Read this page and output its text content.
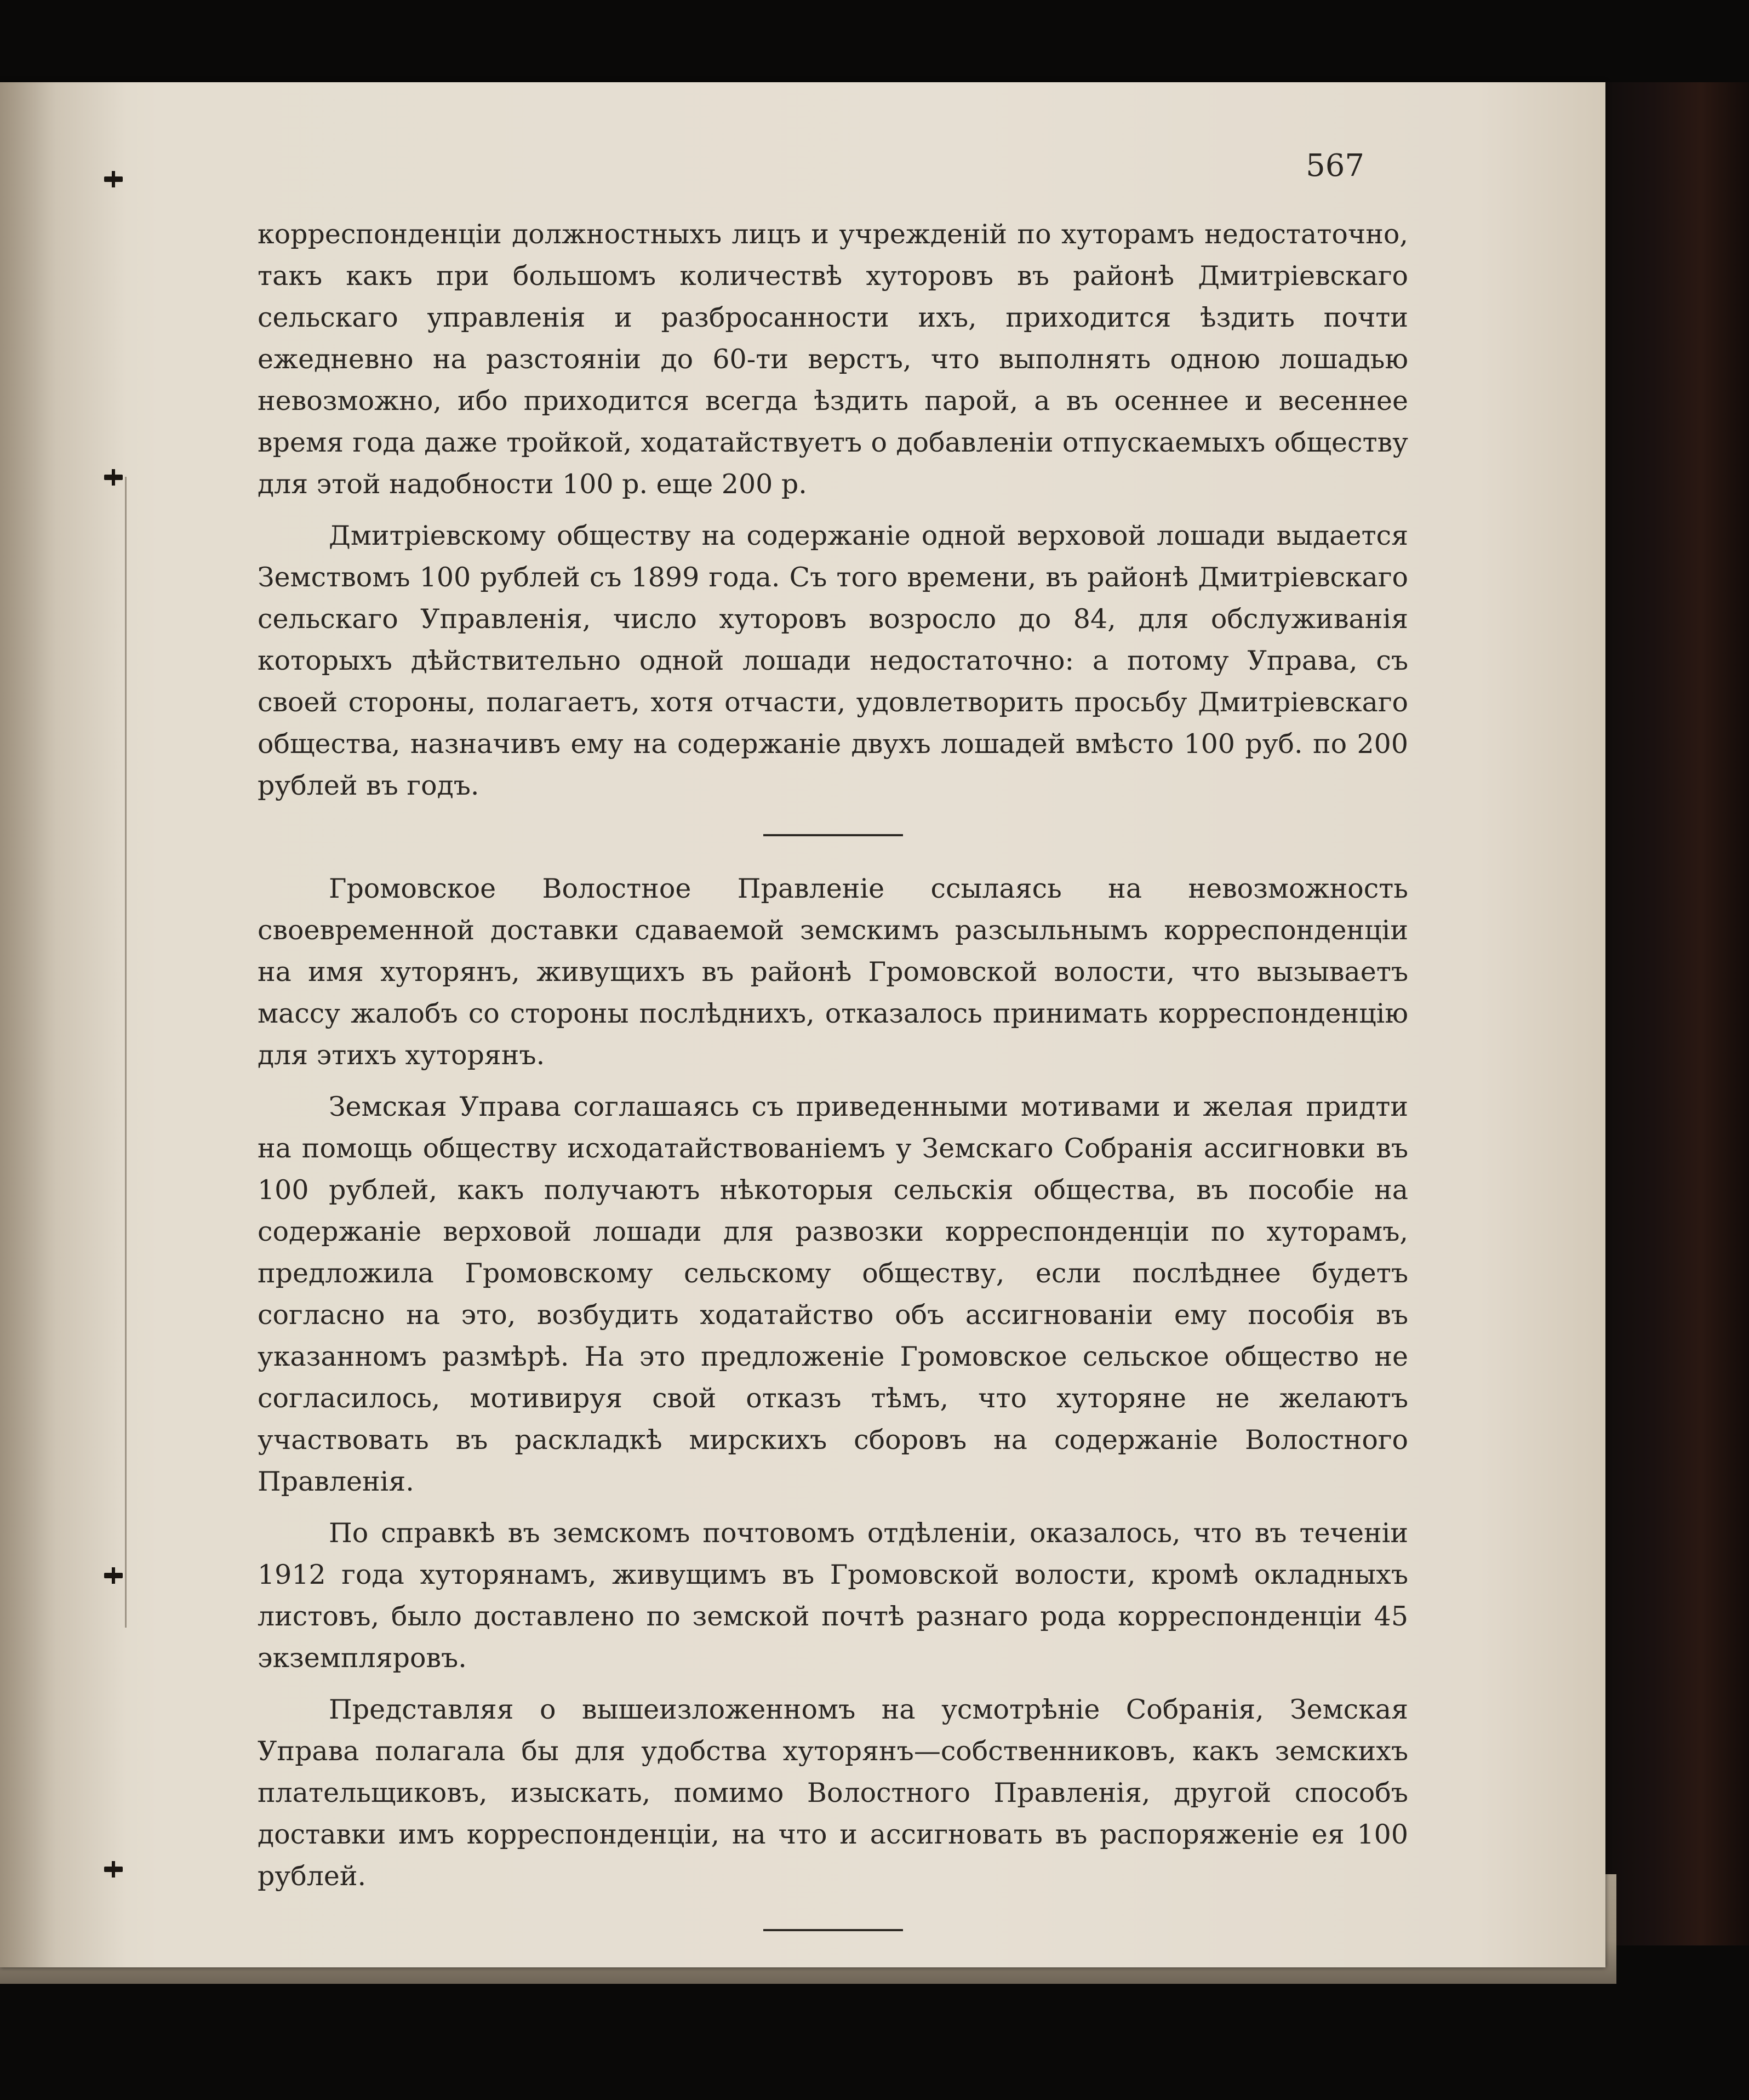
567

корреспонденціи должностныхъ лицъ и учрежденій по хуторамъ недостаточно, такъ какъ при большомъ количествѣ хуторовъ въ районѣ Дмитріевскаго сельскаго управленія и разбросанности ихъ, приходится ѣздить почти ежедневно на разстояніи до 60-ти верстъ, что выполнять одною лошадью невозможно, ибо приходится всегда ѣздить парой, а въ осеннее и весеннее время года даже тройкой, ходатайствуетъ о добавленіи отпускаемыхъ обществу для этой надобности 100 р. еще 200 р.

Дмитріевскому обществу на содержаніе одной верховой лошади выдается Земствомъ 100 рублей съ 1899 года. Съ того времени, въ районѣ Дмитріевскаго сельскаго Управленія, число хуторовъ возросло до 84, для обслуживанія которыхъ дѣйствительно одной лошади недостаточно: а потому Управа, съ своей стороны, полагаетъ, хотя отчасти, удовлетворить просьбу Дмитріевскаго общества, назначивъ ему на содержаніе двухъ лошадей вмѣсто 100 руб. по 200 рублей въ годъ.

Громовское Волостное Правленіе ссылаясь на невозможность своевременной доставки сдаваемой земскимъ разсыльнымъ корреспонденціи на имя хуторянъ, живущихъ въ районѣ Громовской волости, что вызываетъ массу жалобъ со стороны послѣднихъ, отказалось принимать корреспонденцію для этихъ хуторянъ.

Земская Управа соглашаясь съ приведенными мотивами и желая придти на помощь обществу исходатайствованіемъ у Земскаго Собранія ассигновки въ 100 рублей, какъ получаютъ нѣкоторыя сельскія общества, въ пособіе на содержаніе верховой лошади для развозки корреспонденціи по хуторамъ, предложила Громовскому сельскому обществу, если послѣднее будетъ согласно на это, возбудить ходатайство объ ассигнованіи ему пособія въ указанномъ размѣрѣ. На это предложеніе Громовское сельское общество не согласилось, мотивируя свой отказъ тѣмъ, что хуторяне не желаютъ участвовать въ раскладкѣ мирскихъ сборовъ на содержаніе Волостного Правленія.

По справкѣ въ земскомъ почтовомъ отдѣленіи, оказалось, что въ теченіи 1912 года хуторянамъ, живущимъ въ Громовской волости, кромѣ окладныхъ листовъ, было доставлено по земской почтѣ разнаго рода корреспонденціи 45 экземпляровъ.

Представляя о вышеизложенномъ на усмотрѣніе Собранія, Земская Управа полагала бы для удобства хуторянъ—собственниковъ, какъ земскихъ плательщиковъ, изыскать, помимо Волостного Правленія, другой способъ доставки имъ корреспонденціи, на что и ассигновать въ распоряженіе ея 100 рублей.
